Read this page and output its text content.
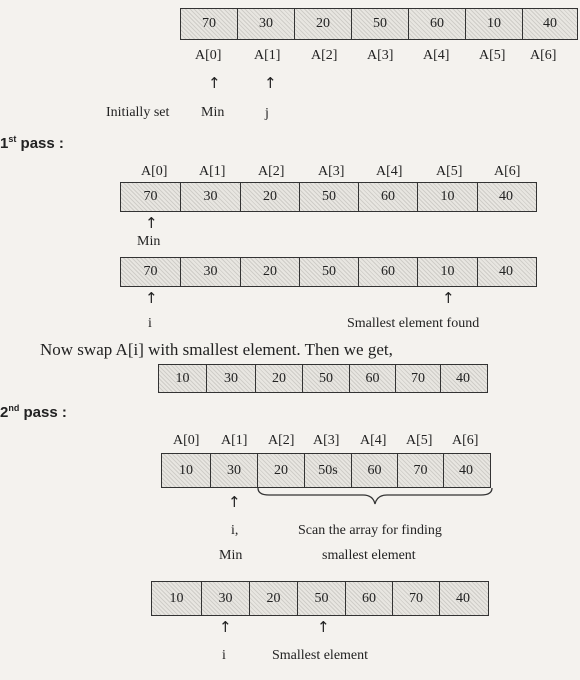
70	30	20	50	60	10	40
A[0] A[1] A[2] A[3] A[4] A[5] A[6]
↑	↑
Initially set Min	j
1st pass :
A[0] A[1] A[2] A[3] A[4] A[5] A[6]
70	30	20	50	60	10	40
↑
Min
70	30	20	50	60	10	40
↑	↑
i	Smallest element found
Now swap A[i] with smallest element. Then we get,
10	30	20	50	60	70	40
2nd pass :
A[0] A[1] A[2] A[3] A[4] A[5] A[6]
10	30	20	50s	60	70	40
↑
i,	Scan the array for finding
Min	smallest element
10	30	20	50	60	70	40
↑	↑
i	Smallest element
